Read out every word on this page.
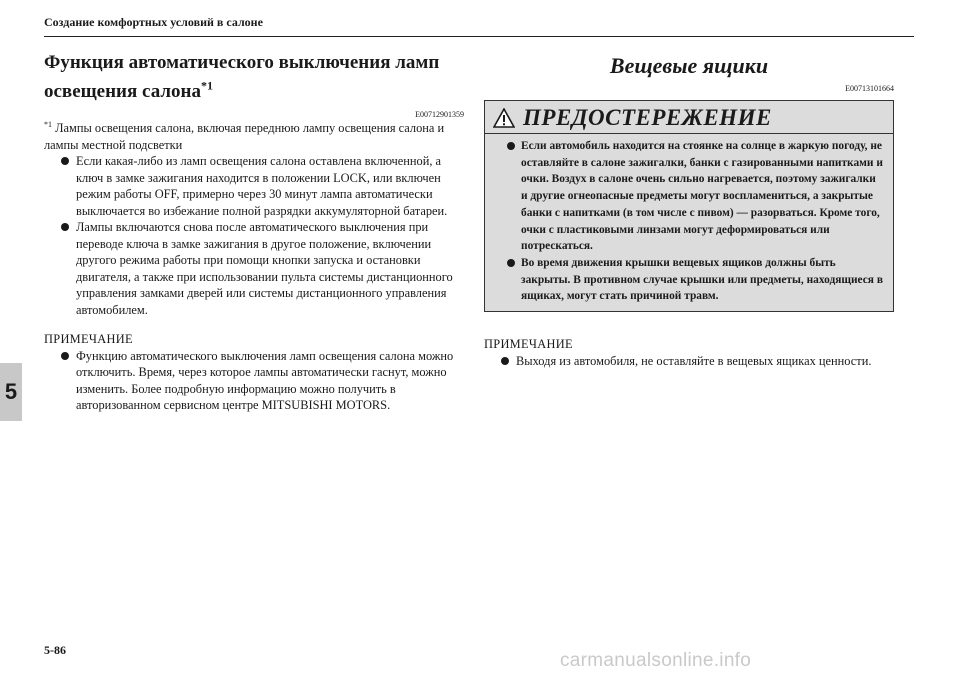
Создание комфортных условий в салоне
5
Функция автоматического выключения ламп
освещения салона$^{*1}$
E00712901359

$^{*1}$ Лампы освещения салона, включая переднюю лампу освещения салона и лампы местной подсветки

Если какая-либо из ламп освещения салона оставлена включенной, а ключ в замке зажигания находится в положении LOCK, или включен режим работы OFF, примерно через 30 минут лампа автоматически выключается во избежание полной разрядки аккумуляторной батареи.
Лампы включаются снова после автоматического выключения при переводе ключа в замке зажигания в другое положение, включении другого режима работы при помощи кнопки запуска и остановки двигателя, а также при использовании пульта системы дистанционного управления замками дверей или системы дистанционного управления автомобилем.
ПРИМЕЧАНИЕ
Функцию автоматического выключения ламп освещения салона можно отключить. Время, через которое лампы автоматически гаснут, можно изменить. Более подробную информацию можно получить в авторизованном сервисном центре MITSUBISHI MOTORS.
Вещевые ящики
E00713101664
ПРЕДОСТЕРЕЖЕНИЕ
Если автомобиль находится на стоянке на солнце в жаркую погоду, не оставляйте в салоне зажигалки, банки с газированными напитками и очки. Воздух в салоне очень сильно нагревается, поэтому зажигалки и другие огнеопасные предметы могут воспламениться, а закрытые банки с напитками (в том числе с пивом) — разорваться. Кроме того, очки с пластиковыми линзами могут деформироваться или потрескаться.
Во время движения крышки вещевых ящиков должны быть закрыты. В противном случае крышки или предметы, находящиеся в ящиках, могут стать причиной травм.
ПРИМЕЧАНИЕ
Выходя из автомобиля, не оставляйте в вещевых ящиках ценности.
5-86	carmanualsonline.info
